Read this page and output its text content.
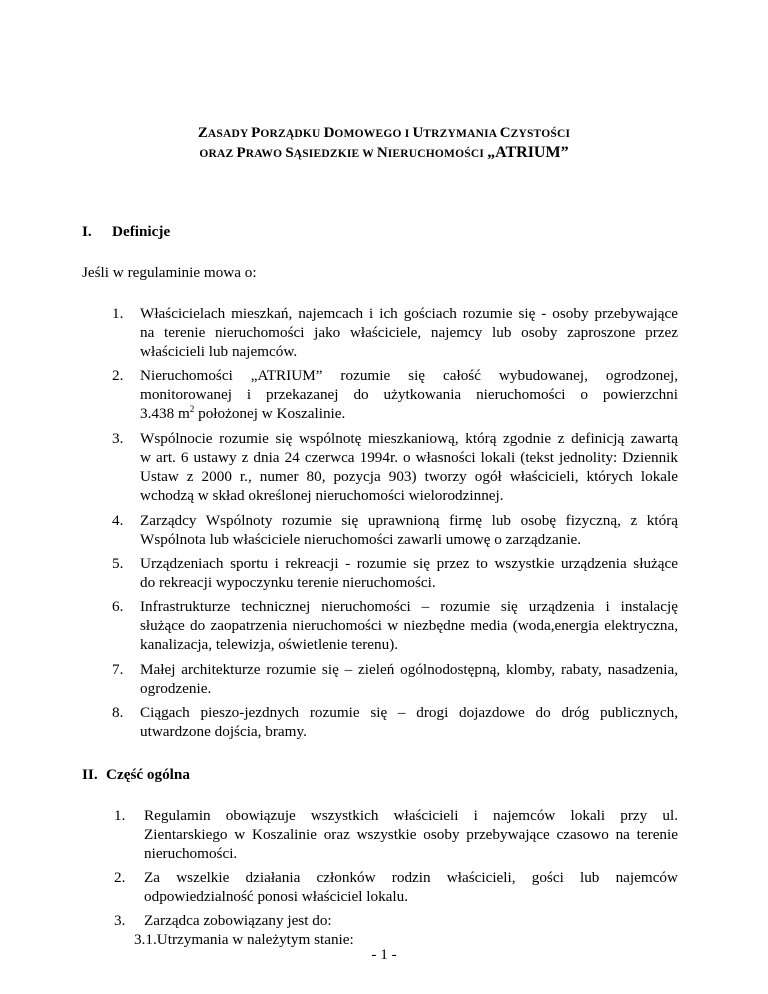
ZASADY PORZĄDKU DOMOWEGO I UTRZYMANIA CZYSTOŚCI
ORAZ PRAWO SĄSIEDZKIE W NIERUCHOMOŚCI „ATRIUM”
I. Definicje
Jeśli w regulaminie mowa o:
1. Właścicielach mieszkań, najemcach i ich gościach rozumie się - osoby przebywające
na terenie nieruchomości jako właściciele, najemcy lub osoby zaproszone przez
właścicieli lub najemców.
2. Nieruchomości „ATRIUM” rozumie się całość wybudowanej, ogrodzonej,
monitorowanej i przekazanej do użytkowania nieruchomości o powierzchni
3.438 $m^2$ położonej w Koszalinie.
3. Wspólnocie rozumie się wspólnotę mieszkaniową, którą zgodnie z definicją zawartą
w art. 6 ustawy z dnia 24 czerwca 1994r. o własności lokali (tekst jednolity: Dziennik
Ustaw z 2000 r., numer 80, pozycja 903) tworzy ogół właścicieli, których lokale
wchodzą w skład określonej nieruchomości wielorodzinnej.
4. Zarządcy Wspólnoty rozumie się uprawnioną firmę lub osobę fizyczną, z którą
Wspólnota lub właściciele nieruchomości zawarli umowę o zarządzanie.
5. Urządzeniach sportu i rekreacji - rozumie się przez to wszystkie urządzenia służące
do rekreacji wypoczynku terenie nieruchomości.
6. Infrastrukturze technicznej nieruchomości – rozumie się urządzenia i instalację
służące do zaopatrzenia nieruchomości w niezbędne media (woda,energia elektryczna,
kanalizacja, telewizja, oświetlenie terenu).
7. Małej architekturze rozumie się – zieleń ogólnodostępną, klomby, rabaty, nasadzenia,
ogrodzenie.
8. Ciągach pieszo-jezdnych rozumie się – drogi dojazdowe do dróg publicznych,
utwardzone dojścia, bramy.
II. Część ogólna
1. Regulamin obowiązuje wszystkich właścicieli i najemców lokali przy ul.
Zientarskiego w Koszalinie oraz wszystkie osoby przebywające czasowo na terenie
nieruchomości.
2. Za wszelkie działania członków rodzin właścicieli, gości lub najemców
odpowiedzialność ponosi właściciel lokalu.
3. Zarządca zobowiązany jest do:
3.1.Utrzymania w należytym stanie:
- 1 -
